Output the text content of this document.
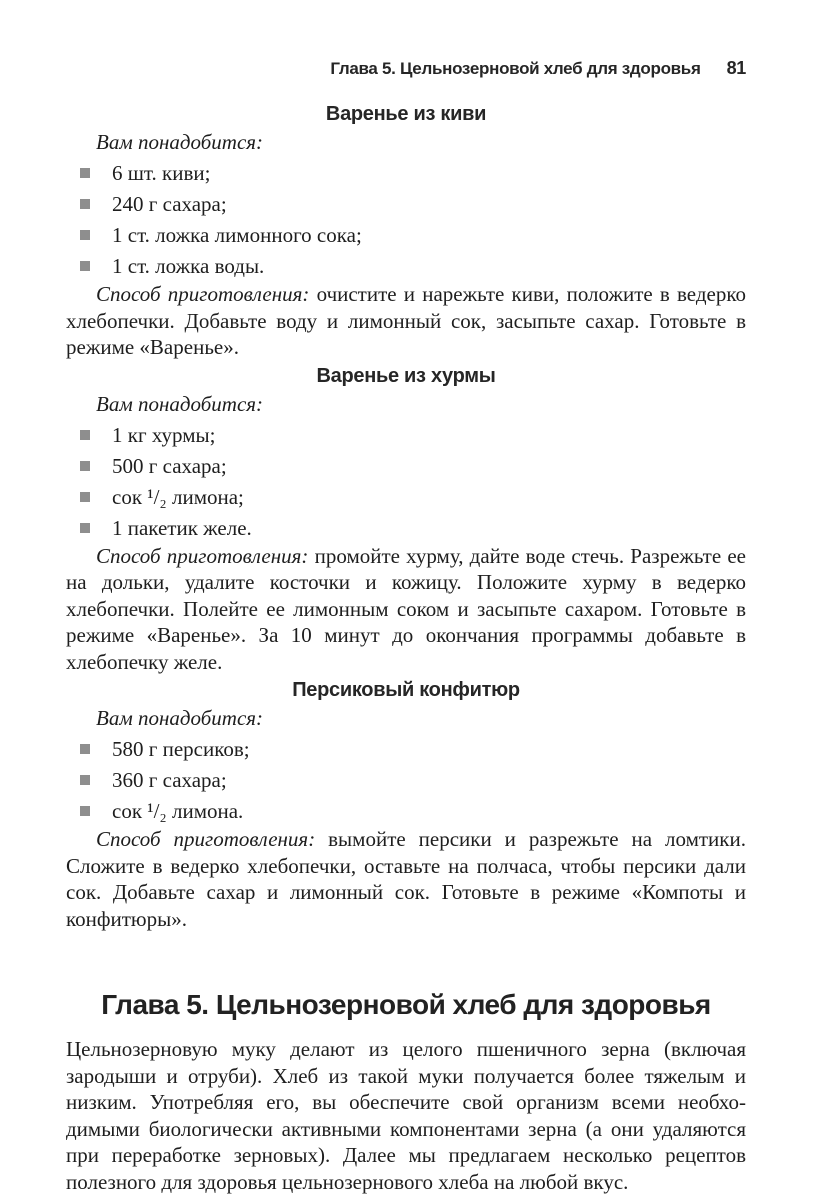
Глава 5. Цельнозерновой хлеб для здоровья 81
Варенье из киви

Вам понадобится:

6 шт. киви;
240 г сахара;
1 ст. ложка лимонного сока;
1 ст. ложка воды.

Способ приготовления: очистите и нарежьте киви, положите в ведерко хлебопечки. Добавьте воду и лимонный сок, засыпьте сахар. Готовьте в режиме «Варенье».

Варенье из хурмы

Вам понадобится:

1 кг хурмы;
500 г сахара;
сок ¹/₂ лимона;
1 пакетик желе.

Способ приготовления: промойте хурму, дайте воде стечь. Разрежьте ее на дольки, удалите косточки и кожицу. Положите хурму в ведерко хлебопечки. Полейте ее лимонным соком и засыпьте сахаром. Готовьте в режиме «Варенье». За 10 минут до окончания программы добавьте в хлебопечку желе.

Персиковый конфитюр

Вам понадобится:

580 г персиков;
360 г сахара;
сок ¹/₂ лимона.

Способ приготовления: вымойте персики и разрежьте на ломтики. Сложите в ведерко хлебопечки, оставьте на полчаса, чтобы персики дали сок. Добавьте сахар и лимонный сок. Готовьте в режиме «Компоты и конфитюры».

Глава 5. Цельнозерновой хлеб для здоровья

Цельнозерновую муку делают из целого пшеничного зерна (включая зародыши и отруби). Хлеб из такой муки получается более тяжелым и низким. Употребляя его, вы обеспечите свой организм всеми необходимыми биологически активными компонентами зерна (а они удаляются при переработке зерновых). Далее мы предлагаем несколько рецептов полезного для здоровья цельнозернового хлеба на любой вкус.
